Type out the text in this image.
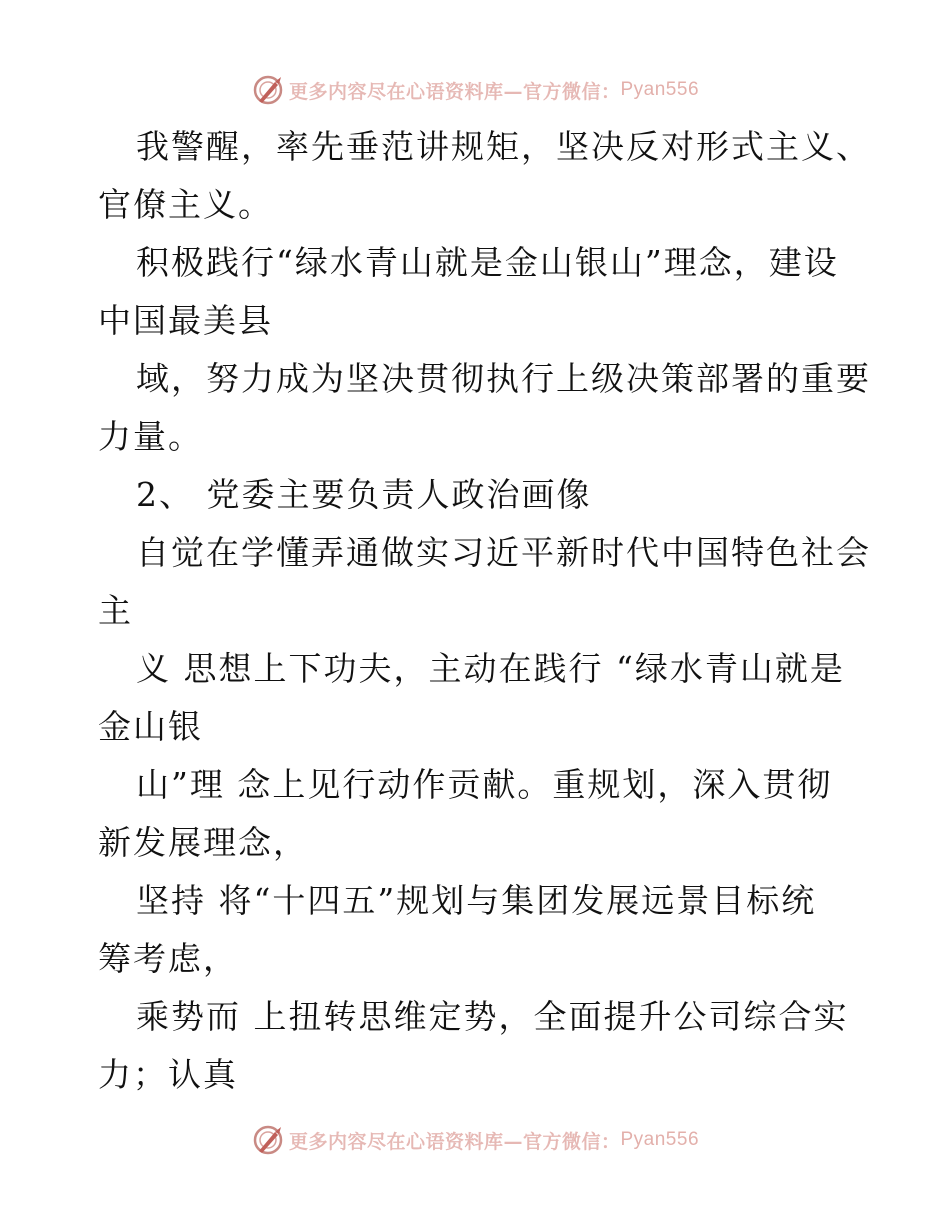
更多内容尽在心语资料库—官方微信： Pyan556
我警醒，率先垂范讲规矩，坚决反对形式主义、
官僚主义。
积极践行“绿水青山就是金山银山”理念，建设
中国最美县
域，努力成为坚决贯彻执行上级决策部署的重要
力量。
2、 党委主要负责人政治画像
自觉在学懂弄通做实习近平新时代中国特色社会
主
义 思想上下功夫，主动在践行 “绿水青山就是
金山银
山”理 念上见行动作贡献。重规划，深入贯彻
新发展理念，
坚持 将“十四五”规划与集团发展远景目标统
筹考虑，
乘势而 上扭转思维定势，全面提升公司综合实
力；认真
更多内容尽在心语资料库—官方微信： Pyan556
